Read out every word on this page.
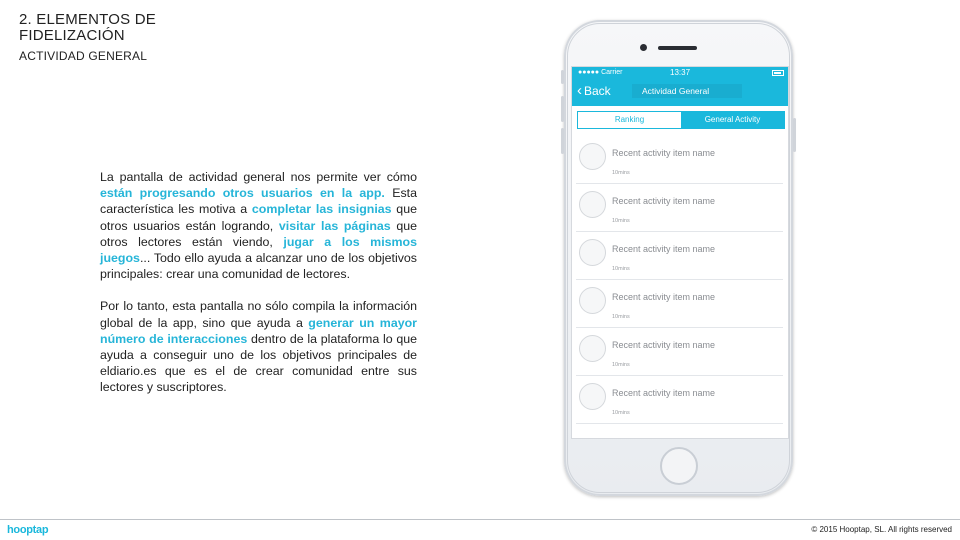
2. ELEMENTOS DE FIDELIZACIÓN
ACTIVIDAD GENERAL

La pantalla de actividad general nos permite ver cómo están progresando otros usuarios en la app. Esta característica les motiva a completar las insignias que otros usuarios están logrando, visitar las páginas que otros lectores están viendo, jugar a los mismos juegos... Todo ello ayuda a alcanzar uno de los objetivos principales: crear una comunidad de lectores.

Por lo tanto, esta pantalla no sólo compila la información global de la app, sino que ayuda a generar un mayor número de interacciones dentro de la plataforma lo que ayuda a conseguir uno de los objetivos principales de eldiario.es que es el de crear comunidad entre sus lectores y suscriptores.

●●●●● Carrier	13:37
‹ Back	Actividad General
Ranking	General Activity
Recent activity item name
10mins
Recent activity item name
10mins
Recent activity item name
10mins
Recent activity item name
10mins
Recent activity item name
10mins
Recent activity item name
10mins
hooptap	© 2015 Hooptap, SL. All rights reserved
